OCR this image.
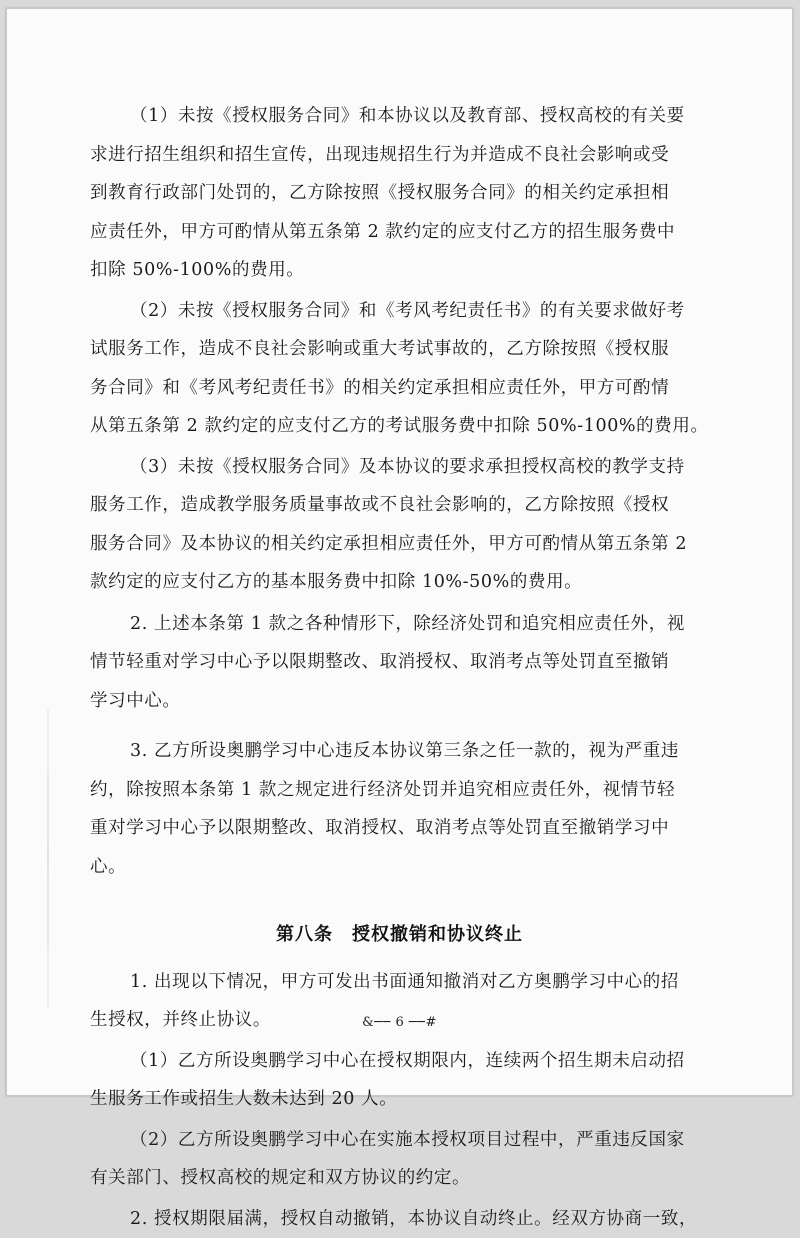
&── 6 ──#

（1）未按《授权服务合同》和本协议以及教育部、授权高校的有关要
求进行招生组织和招生宣传，出现违规招生行为并造成不良社会影响或受
到教育行政部门处罚的，乙方除按照《授权服务合同》的相关约定承担相
应责任外，甲方可酌情从第五条第 2 款约定的应支付乙方的招生服务费中
扣除 50%-100%的费用。

（2）未按《授权服务合同》和《考风考纪责任书》的有关要求做好考
试服务工作，造成不良社会影响或重大考试事故的，乙方除按照《授权服
务合同》和《考风考纪责任书》的相关约定承担相应责任外，甲方可酌情
从第五条第 2 款约定的应支付乙方的考试服务费中扣除 50%-100%的费用。

（3）未按《授权服务合同》及本协议的要求承担授权高校的教学支持
服务工作，造成教学服务质量事故或不良社会影响的，乙方除按照《授权
服务合同》及本协议的相关约定承担相应责任外，甲方可酌情从第五条第 2
款约定的应支付乙方的基本服务费中扣除 10%-50%的费用。

2. 上述本条第 1 款之各种情形下，除经济处罚和追究相应责任外，视
情节轻重对学习中心予以限期整改、取消授权、取消考点等处罚直至撤销
学习中心。

3. 乙方所设奥鹏学习中心违反本协议第三条之任一款的，视为严重违
约，除按照本条第 1 款之规定进行经济处罚并追究相应责任外，视情节轻
重对学习中心予以限期整改、取消授权、取消考点等处罚直至撤销学习中
心。

第八条　授权撤销和协议终止

1. 出现以下情况，甲方可发出书面通知撤消对乙方奥鹏学习中心的招
生授权，并终止协议。

（1）乙方所设奥鹏学习中心在授权期限内，连续两个招生期未启动招
生服务工作或招生人数未达到 20 人。

（2）乙方所设奥鹏学习中心在实施本授权项目过程中，严重违反国家
有关部门、授权高校的规定和双方协议的约定。

2. 授权期限届满，授权自动撤销，本协议自动终止。经双方协商一致，
